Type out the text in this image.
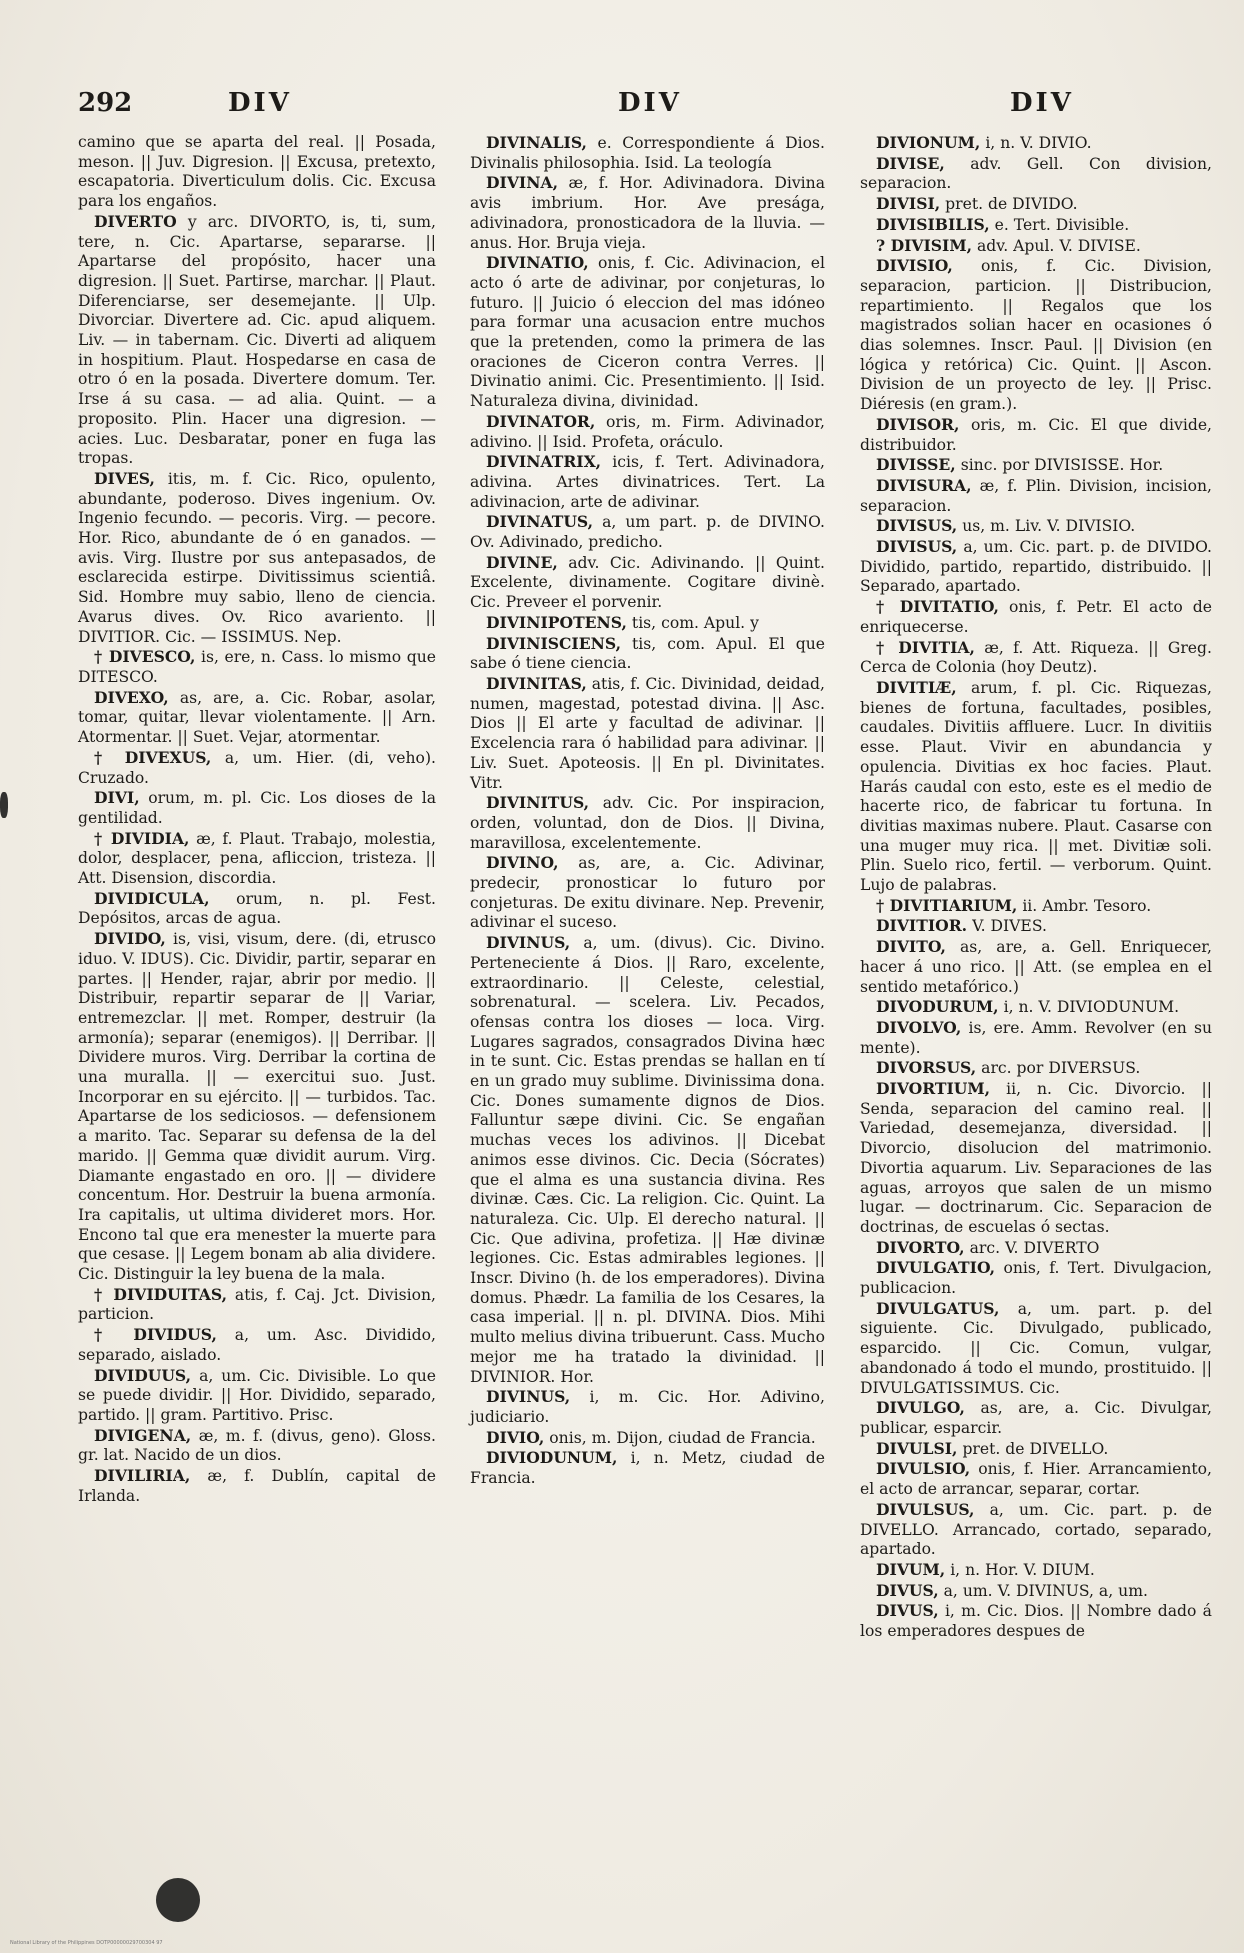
292	DIV	DIV	DIV

camino que se aparta del real. || Posada, meson. || Juv. Digresion. || Excusa, pretexto, escapatoria. Diverticulum dolis. Cic. Excusa para los engaños.

DIVERTO y arc. DIVORTO, is, ti, sum, tere, n. Cic. Apartarse, separarse. || Apartarse del propósito, hacer una digresion. || Suet. Partirse, marchar. || Plaut. Diferenciarse, ser desemejante. || Ulp. Divorciar. Divertere ad. Cic. apud aliquem. Liv. — in tabernam. Cic. Diverti ad aliquem in hospitium. Plaut. Hospedarse en casa de otro ó en la posada. Divertere domum. Ter. Irse á su casa. — ad alia. Quint. — a proposito. Plin. Hacer una digresion. — acies. Luc. Desbaratar, poner en fuga las tropas.

DIVES, itis, m. f. Cic. Rico, opulento, abundante, poderoso. Dives ingenium. Ov. Ingenio fecundo. — pecoris. Virg. — pecore. Hor. Rico, abundante de ó en ganados. — avis. Virg. Ilustre por sus antepasados, de esclarecida estirpe. Divitissimus scientiâ. Sid. Hombre muy sabio, lleno de ciencia. Avarus dives. Ov. Rico avariento. || DIVITIOR. Cic. — ISSIMUS. Nep.

† DIVESCO, is, ere, n. Cass. lo mismo que DITESCO.

DIVEXO, as, are, a. Cic. Robar, asolar, tomar, quitar, llevar violentamente. || Arn. Atormentar. || Suet. Vejar, atormentar.

† DIVEXUS, a, um. Hier. (di, veho). Cruzado.

DIVI, orum, m. pl. Cic. Los dioses de la gentilidad.

† DIVIDIA, æ, f. Plaut. Trabajo, molestia, dolor, desplacer, pena, afliccion, tristeza. || Att. Disension, discordia.

DIVIDICULA, orum, n. pl. Fest. Depósitos, arcas de agua.

DIVIDO, is, visi, visum, dere. (di, etrusco iduo. V. IDUS). Cic. Dividir, partir, separar en partes. || Hender, rajar, abrir por medio. || Distribuir, repartir separar de || Variar, entremezclar. || met. Romper, destruir (la armonía); separar (enemigos). || Derribar. || Dividere muros. Virg. Derribar la cortina de una muralla. || — exercitui suo. Just. Incorporar en su ejército. || — turbidos. Tac. Apartarse de los sediciosos. — defensionem a marito. Tac. Separar su defensa de la del marido. || Gemma quæ dividit aurum. Virg. Diamante engastado en oro. || — dividere concentum. Hor. Destruir la buena armonía. Ira capitalis, ut ultima divideret mors. Hor. Encono tal que era menester la muerte para que cesase. || Legem bonam ab alia dividere. Cic. Distinguir la ley buena de la mala.

† DIVIDUITAS, atis, f. Caj. Jct. Division, particion.

† DIVIDUS, a, um. Asc. Dividido, separado, aislado.

DIVIDUUS, a, um. Cic. Divisible. Lo que se puede dividir. || Hor. Dividido, separado, partido. || gram. Partitivo. Prisc.

DIVIGENA, æ, m. f. (divus, geno). Gloss. gr. lat. Nacido de un dios.

DIVILIRIA, æ, f. Dublín, capital de Irlanda.

DIVINALIS, e. Correspondiente á Dios. Divinalis philosophia. Isid. La teología

DIVINA, æ, f. Hor. Adivinadora. Divina avis imbrium. Hor. Ave presága, adivinadora, pronosticadora de la lluvia. — anus. Hor. Bruja vieja.

DIVINATIO, onis, f. Cic. Adivinacion, el acto ó arte de adivinar, por conjeturas, lo futuro. || Juicio ó eleccion del mas idóneo para formar una acusacion entre muchos que la pretenden, como la primera de las oraciones de Ciceron contra Verres. || Divinatio animi. Cic. Presentimiento. || Isid. Naturaleza divina, divinidad.

DIVINATOR, oris, m. Firm. Adivinador, adivino. || Isid. Profeta, oráculo.

DIVINATRIX, icis, f. Tert. Adivinadora, adivina. Artes divinatrices. Tert. La adivinacion, arte de adivinar.

DIVINATUS, a, um part. p. de DIVINO. Ov. Adivinado, predicho.

DIVINE, adv. Cic. Adivinando. || Quint. Excelente, divinamente. Cogitare divinè. Cic. Preveer el porvenir.

DIVINIPOTENS, tis, com. Apul. y

DIVINISCIENS, tis, com. Apul. El que sabe ó tiene ciencia.

DIVINITAS, atis, f. Cic. Divinidad, deidad, numen, magestad, potestad divina. || Asc. Dios || El arte y facultad de adivinar. || Excelencia rara ó habilidad para adivinar. || Liv. Suet. Apoteosis. || En pl. Divinitates. Vitr.

DIVINITUS, adv. Cic. Por inspiracion, orden, voluntad, don de Dios. || Divina, maravillosa, excelentemente.

DIVINO, as, are, a. Cic. Adivinar, predecir, pronosticar lo futuro por conjeturas. De exitu divinare. Nep. Prevenir, adivinar el suceso.

DIVINUS, a, um. (divus). Cic. Divino. Perteneciente á Dios. || Raro, excelente, extraordinario. || Celeste, celestial, sobrenatural. — scelera. Liv. Pecados, ofensas contra los dioses — loca. Virg. Lugares sagrados, consagrados Divina hæc in te sunt. Cic. Estas prendas se hallan en tí en un grado muy sublime. Divinissima dona. Cic. Dones sumamente dignos de Dios. Falluntur sæpe divini. Cic. Se engañan muchas veces los adivinos. || Dicebat animos esse divinos. Cic. Decia (Sócrates) que el alma es una sustancia divina. Res divinæ. Cæs. Cic. La religion. Cic. Quint. La naturaleza. Cic. Ulp. El derecho natural. || Cic. Que adivina, profetiza. || Hæ divinæ legiones. Cic. Estas admirables legiones. || Inscr. Divino (h. de los emperadores). Divina domus. Phædr. La familia de los Cesares, la casa imperial. || n. pl. DIVINA. Dios. Mihi multo melius divina tribuerunt. Cass. Mucho mejor me ha tratado la divinidad. || DIVINIOR. Hor.

DIVINUS, i, m. Cic. Hor. Adivino, judiciario.

DIVIO, onis, m. Dijon, ciudad de Francia.

DIVIODUNUM, i, n. Metz, ciudad de Francia.

DIVIONUM, i, n. V. DIVIO.

DIVISE, adv. Gell. Con division, separacion.

DIVISI, pret. de DIVIDO.

DIVISIBILIS, e. Tert. Divisible.

? DIVISIM, adv. Apul. V. DIVISE.

DIVISIO, onis, f. Cic. Division, separacion, particion. || Distribucion, repartimiento. || Regalos que los magistrados solian hacer en ocasiones ó dias solemnes. Inscr. Paul. || Division (en lógica y retórica) Cic. Quint. || Ascon. Division de un proyecto de ley. || Prisc. Diéresis (en gram.).

DIVISOR, oris, m. Cic. El que divide, distribuidor.

DIVISSE, sinc. por DIVISISSE. Hor.

DIVISURA, æ, f. Plin. Division, incision, separacion.

DIVISUS, us, m. Liv. V. DIVISIO.

DIVISUS, a, um. Cic. part. p. de DIVIDO. Dividido, partido, repartido, distribuido. || Separado, apartado.

† DIVITATIO, onis, f. Petr. El acto de enriquecerse.

† DIVITIA, æ, f. Att. Riqueza. || Greg. Cerca de Colonia (hoy Deutz).

DIVITIÆ, arum, f. pl. Cic. Riquezas, bienes de fortuna, facultades, posibles, caudales. Divitiis affluere. Lucr. In divitiis esse. Plaut. Vivir en abundancia y opulencia. Divitias ex hoc facies. Plaut. Harás caudal con esto, este es el medio de hacerte rico, de fabricar tu fortuna. In divitias maximas nubere. Plaut. Casarse con una muger muy rica. || met. Divitiæ soli. Plin. Suelo rico, fertil. — verborum. Quint. Lujo de palabras.

† DIVITIARIUM, ii. Ambr. Tesoro.

DIVITIOR. V. DIVES.

DIVITO, as, are, a. Gell. Enriquecer, hacer á uno rico. || Att. (se emplea en el sentido metafórico.)

DIVODURUM, i, n. V. DIVIODUNUM.

DIVOLVO, is, ere. Amm. Revolver (en su mente).

DIVORSUS, arc. por DIVERSUS.

DIVORTIUM, ii, n. Cic. Divorcio. || Senda, separacion del camino real. || Variedad, desemejanza, diversidad. || Divorcio, disolucion del matrimonio. Divortia aquarum. Liv. Separaciones de las aguas, arroyos que salen de un mismo lugar. — doctrinarum. Cic. Separacion de doctrinas, de escuelas ó sectas.

DIVORTO, arc. V. DIVERTO

DIVULGATIO, onis, f. Tert. Divulgacion, publicacion.

DIVULGATUS, a, um. part. p. del siguiente. Cic. Divulgado, publicado, esparcido. || Cic. Comun, vulgar, abandonado á todo el mundo, prostituido. || DIVULGATISSIMUS. Cic.

DIVULGO, as, are, a. Cic. Divulgar, publicar, esparcir.

DIVULSI, pret. de DIVELLO.

DIVULSIO, onis, f. Hier. Arrancamiento, el acto de arrancar, separar, cortar.

DIVULSUS, a, um. Cic. part. p. de DIVELLO. Arrancado, cortado, separado, apartado.

DIVUM, i, n. Hor. V. DIUM.

DIVUS, a, um. V. DIVINUS, a, um.

DIVUS, i, m. Cic. Dios. || Nombre dado á los emperadores despues de

National Library of the Philippines DOTP00000029700304 97
